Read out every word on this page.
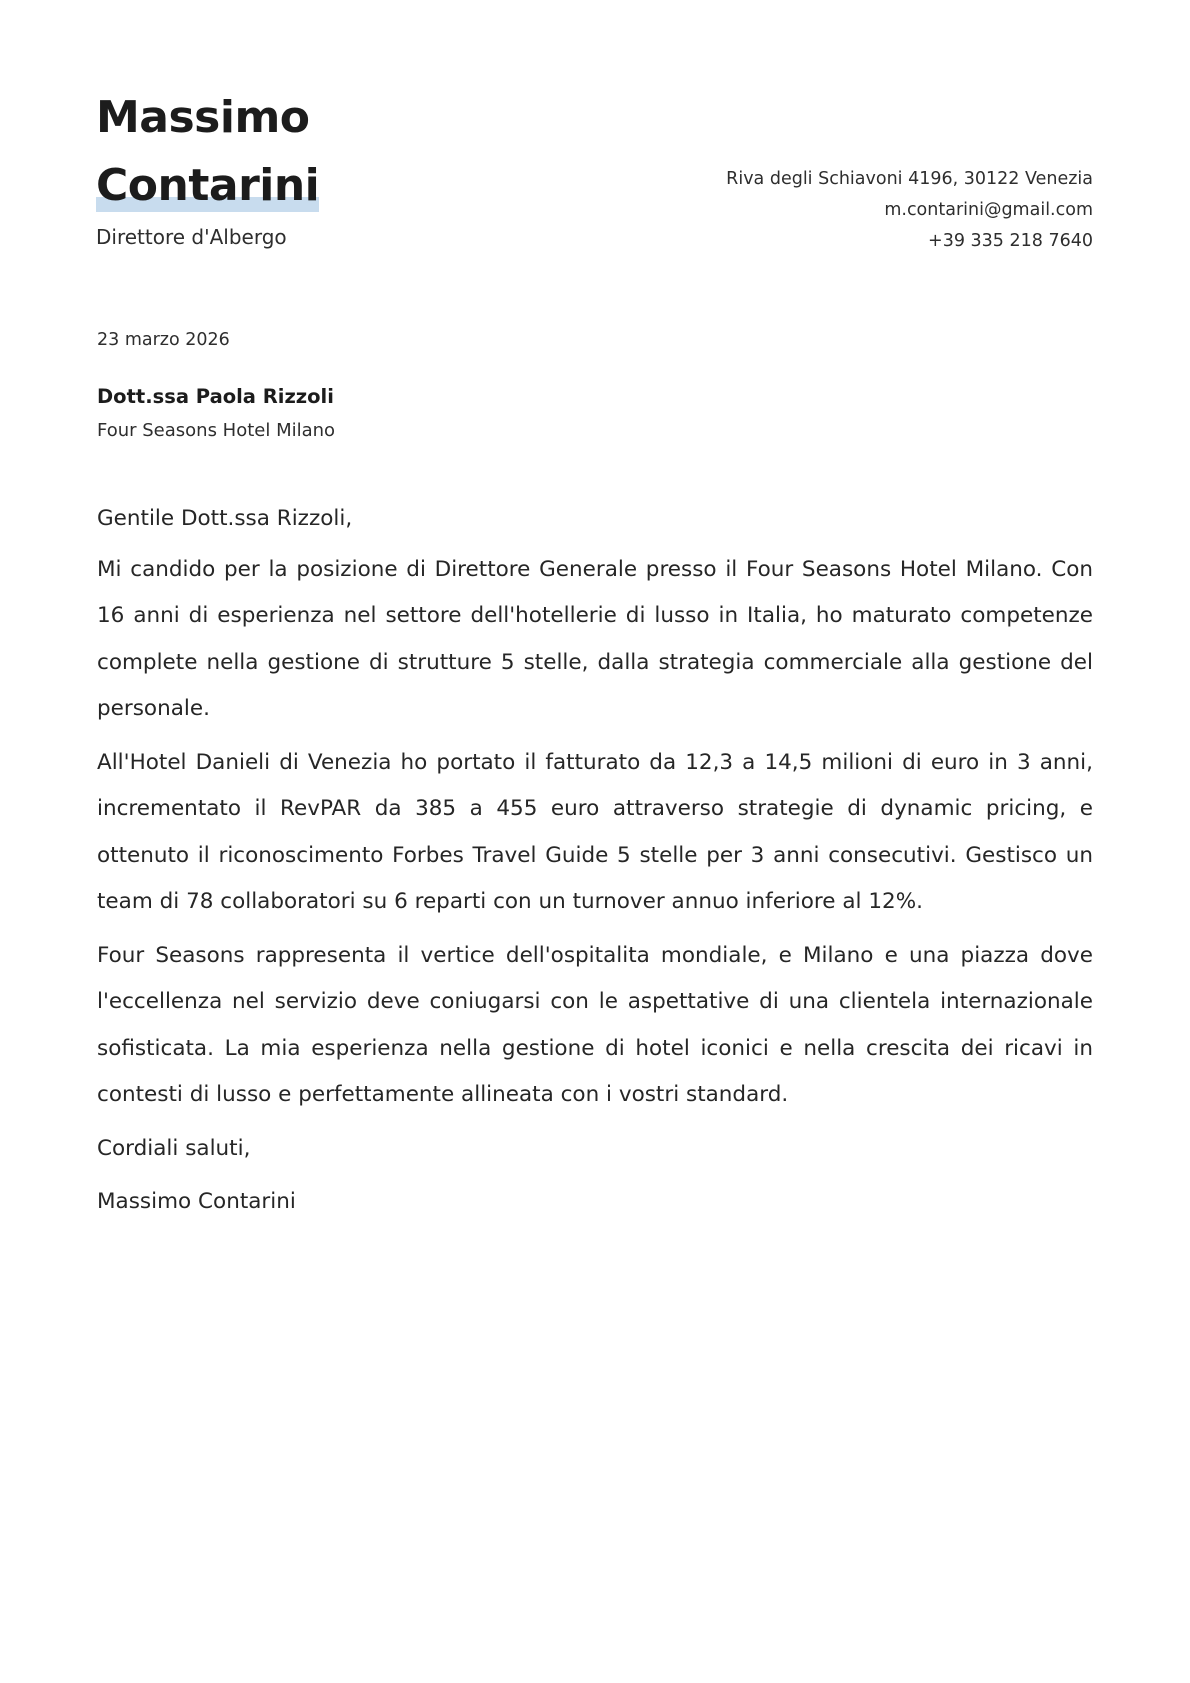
Massimo
Contarini
Direttore d'Albergo
Riva degli Schiavoni 4196, 30122 Venezia
m.contarini@gmail.com
+39 335 218 7640
23 marzo 2026
Dott.ssa Paola Rizzoli
Four Seasons Hotel Milano

Gentile Dott.ssa Rizzoli,

Mi candido per la posizione di Direttore Generale presso il Four Seasons Hotel Milano. Con 16 anni di esperienza nel settore dell'hotellerie di lusso in Italia, ho maturato competenze complete nella gestione di strutture 5 stelle, dalla strategia commerciale alla gestione del personale.

All'Hotel Danieli di Venezia ho portato il fatturato da 12,3 a 14,5 milioni di euro in 3 anni, incrementato il RevPAR da 385 a 455 euro attraverso strategie di dynamic pricing, e ottenuto il riconoscimento Forbes Travel Guide 5 stelle per 3 anni consecutivi. Gestisco un team di 78 collaboratori su 6 reparti con un turnover annuo inferiore al 12%.

Four Seasons rappresenta il vertice dell'ospitalita mondiale, e Milano e una piazza dove l'eccellenza nel servizio deve coniugarsi con le aspettative di una clientela internazionale sofisticata. La mia esperienza nella gestione di hotel iconici e nella crescita dei ricavi in contesti di lusso e perfettamente allineata con i vostri standard.

Cordiali saluti,

Massimo Contarini
